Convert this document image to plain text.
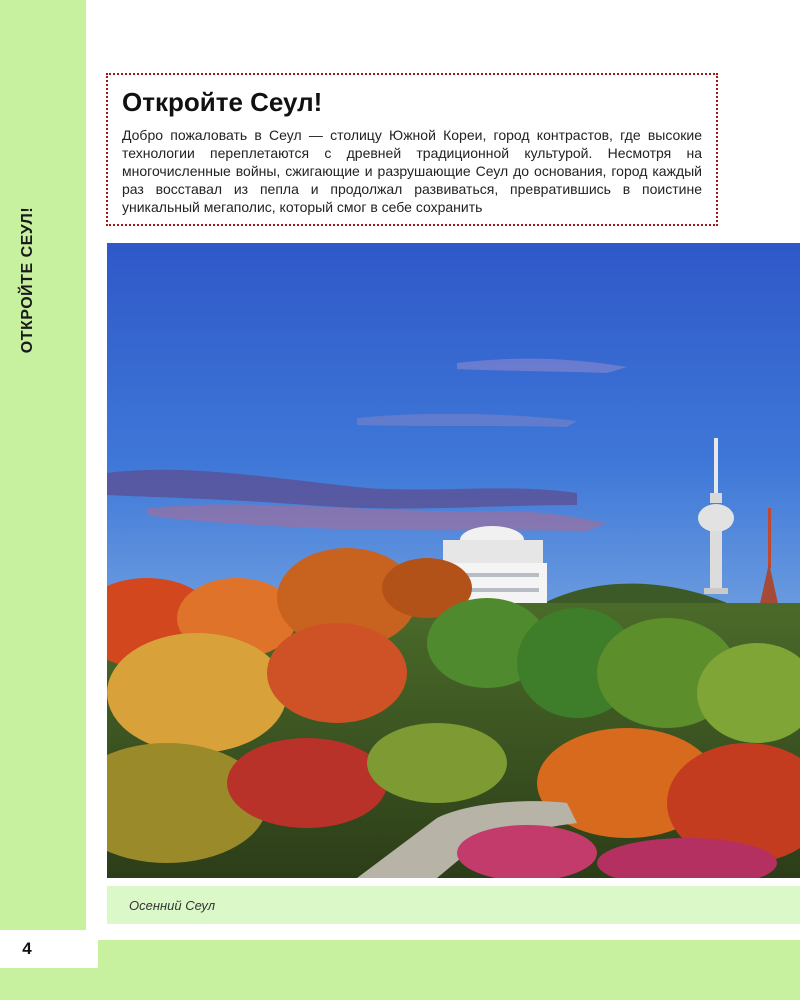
ОТКРОЙТЕ СЕУЛ!
4
Откройте Сеул!

Добро пожаловать в Сеул — столицу Южной Кореи, город контрастов, где высокие технологии переплетаются с древней традиционной культурой. Несмотря на многочисленные войны, сжигающие и разрушающие Сеул до основания, город каждый раз восставал из пепла и продолжал развиваться, превратившись в поистине уникальный мегаполис, который смог в себе сохранить

Осенний Сеул
